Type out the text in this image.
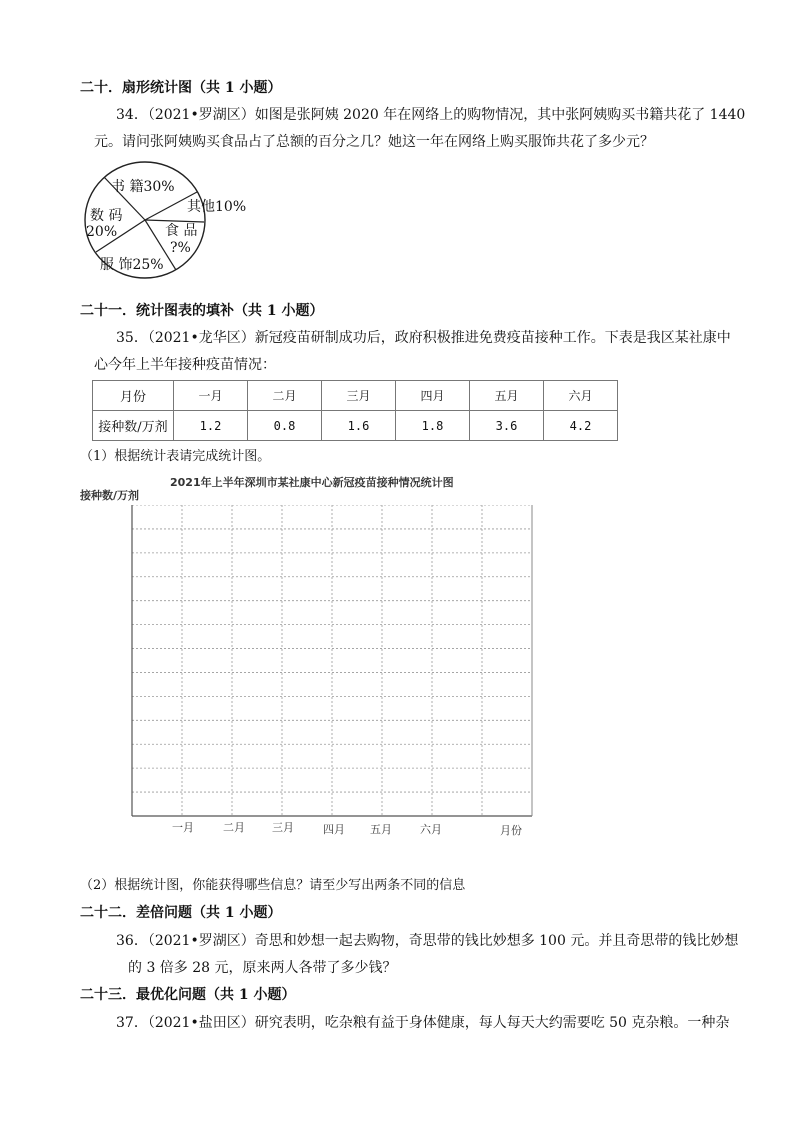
二十．扇形统计图（共 1 小题）
34．（2021•罗湖区）如图是张阿姨 2020 年在网络上的购物情况，其中张阿姨购买书籍共花了 1440
元。请问张阿姨购买食品占了总额的百分之几？她这一年在网络上购买服饰共花了多少元？
书 籍30%
其他10%
数 码
20%	食 品
?%
服 饰25%
二十一．统计图表的填补（共 1 小题）
35．（2021•龙华区）新冠疫苗研制成功后，政府积极推进免费疫苗接种工作。下表是我区某社康中
心今年上半年接种疫苗情况：
月份	一月	二月	三月	四月	五月	六月
接种数/万剂	1.2	0.8	1.6	1.8	3.6	4.2
（1）根据统计表请完成统计图。
2021年上半年深圳市某社康中心新冠疫苗接种情况统计图
接种数/万剂
一月	二月 三月	四月 五月	六月	月份
（2）根据统计图，你能获得哪些信息？请至少写出两条不同的信息
二十二．差倍问题（共 1 小题）
36．（2021•罗湖区）奇思和妙想一起去购物，奇思带的钱比妙想多 100 元。并且奇思带的钱比妙想
的 3 倍多 28 元，原来两人各带了多少钱？
二十三．最优化问题（共 1 小题）
37．（2021•盐田区）研究表明，吃杂粮有益于身体健康，每人每天大约需要吃 50 克杂粮。一种杂
